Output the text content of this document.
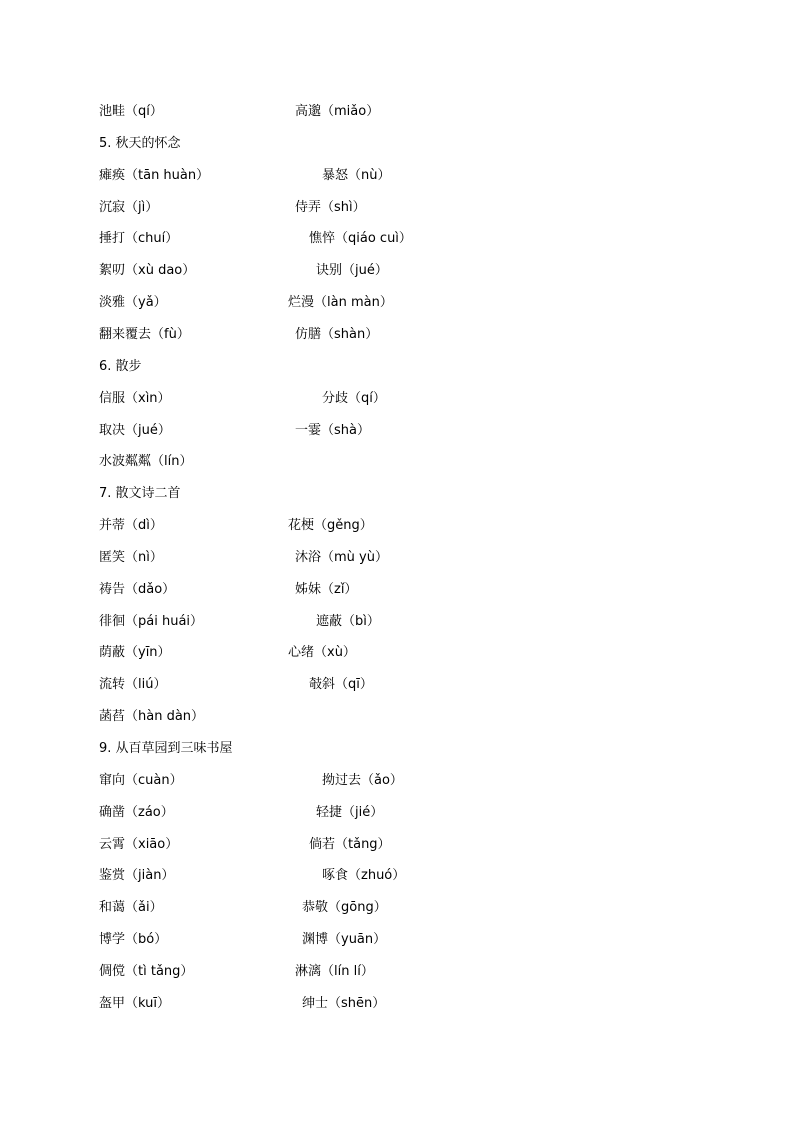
池畦（qí）	高邈（miǎo）
5. 秋天的怀念
瘫痪（tān huàn）	暴怒（nù）
沉寂（jì）	侍弄（shì）
捶打（chuí）	憔悴（qiáo cuì）
絮叨（xù dao）	诀别（jué）
淡雅（yǎ）	烂漫（làn màn）
翻来覆去（fù）	仿膳（shàn）
6. 散步
信服（xìn）	分歧（qí）
取决（jué）	一霎（shà）
水波粼粼（lín）
7. 散文诗二首
并蒂（dì）	花梗（gěng）
匿笑（nì）	沐浴（mù yù）
祷告（dǎo）	姊妹（zǐ）
徘徊（pái huái）	遮蔽（bì）
荫蔽（yīn）	心绪（xù）
流转（liú）	攲斜（qī）
菡萏（hàn dàn）
9. 从百草园到三味书屋
窜向（cuàn）	拗过去（ǎo）
确凿（záo）	轻捷（jié）
云霄（xiāo）	倘若（tǎng）
鉴赏（jiàn）	啄食（zhuó）
和蔼（ǎi）	恭敬（gōng）
博学（bó）	渊博（yuān）
倜傥（tì tǎng）	淋漓（lín lí）
盔甲（kuī）	绅士（shēn）
